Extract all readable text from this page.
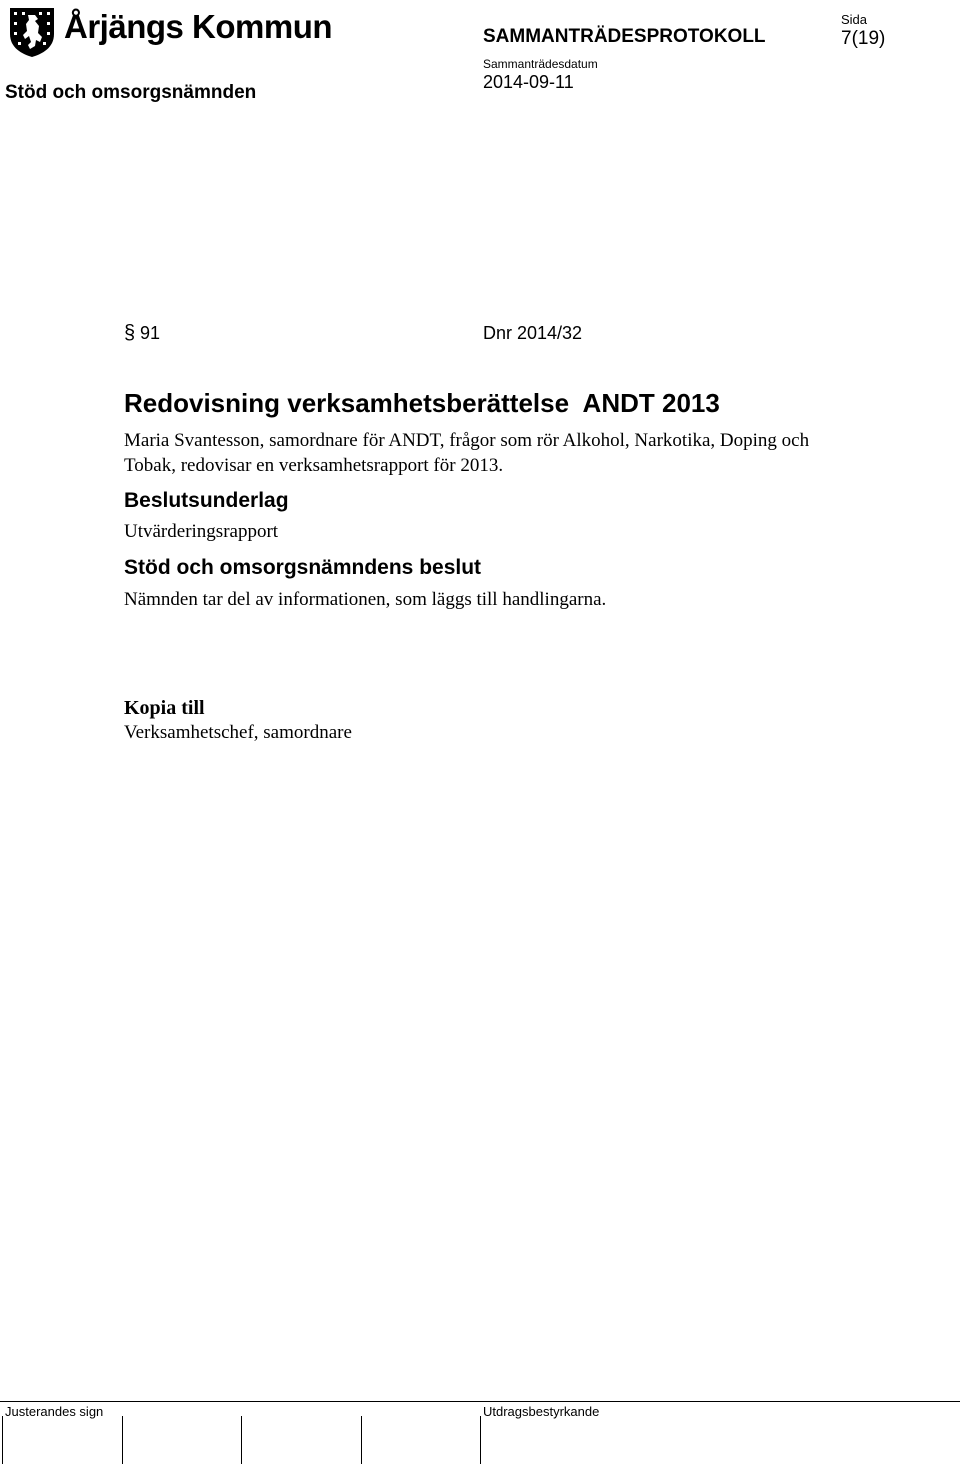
Årjängs Kommun
Stöd och omsorgsnämnden
SAMMANTRÄDESPROTOKOLL
Sammanträdesdatum
2014-09-11
Sida
7(19)
§ 91	Dnr 2014/32
Redovisning verksamhetsberättelse  ANDT 2013
Maria Svantesson, samordnare för ANDT, frågor som rör Alkohol, Narkotika, Doping och Tobak, redovisar en verksamhetsrapport för 2013.
Beslutsunderlag
Utvärderingsrapport
Stöd och omsorgsnämndens beslut
Nämnden tar del av informationen, som läggs till handlingarna.
Kopia till
Verksamhetschef, samordnare
Justerandes sign	Utdragsbestyrkande
